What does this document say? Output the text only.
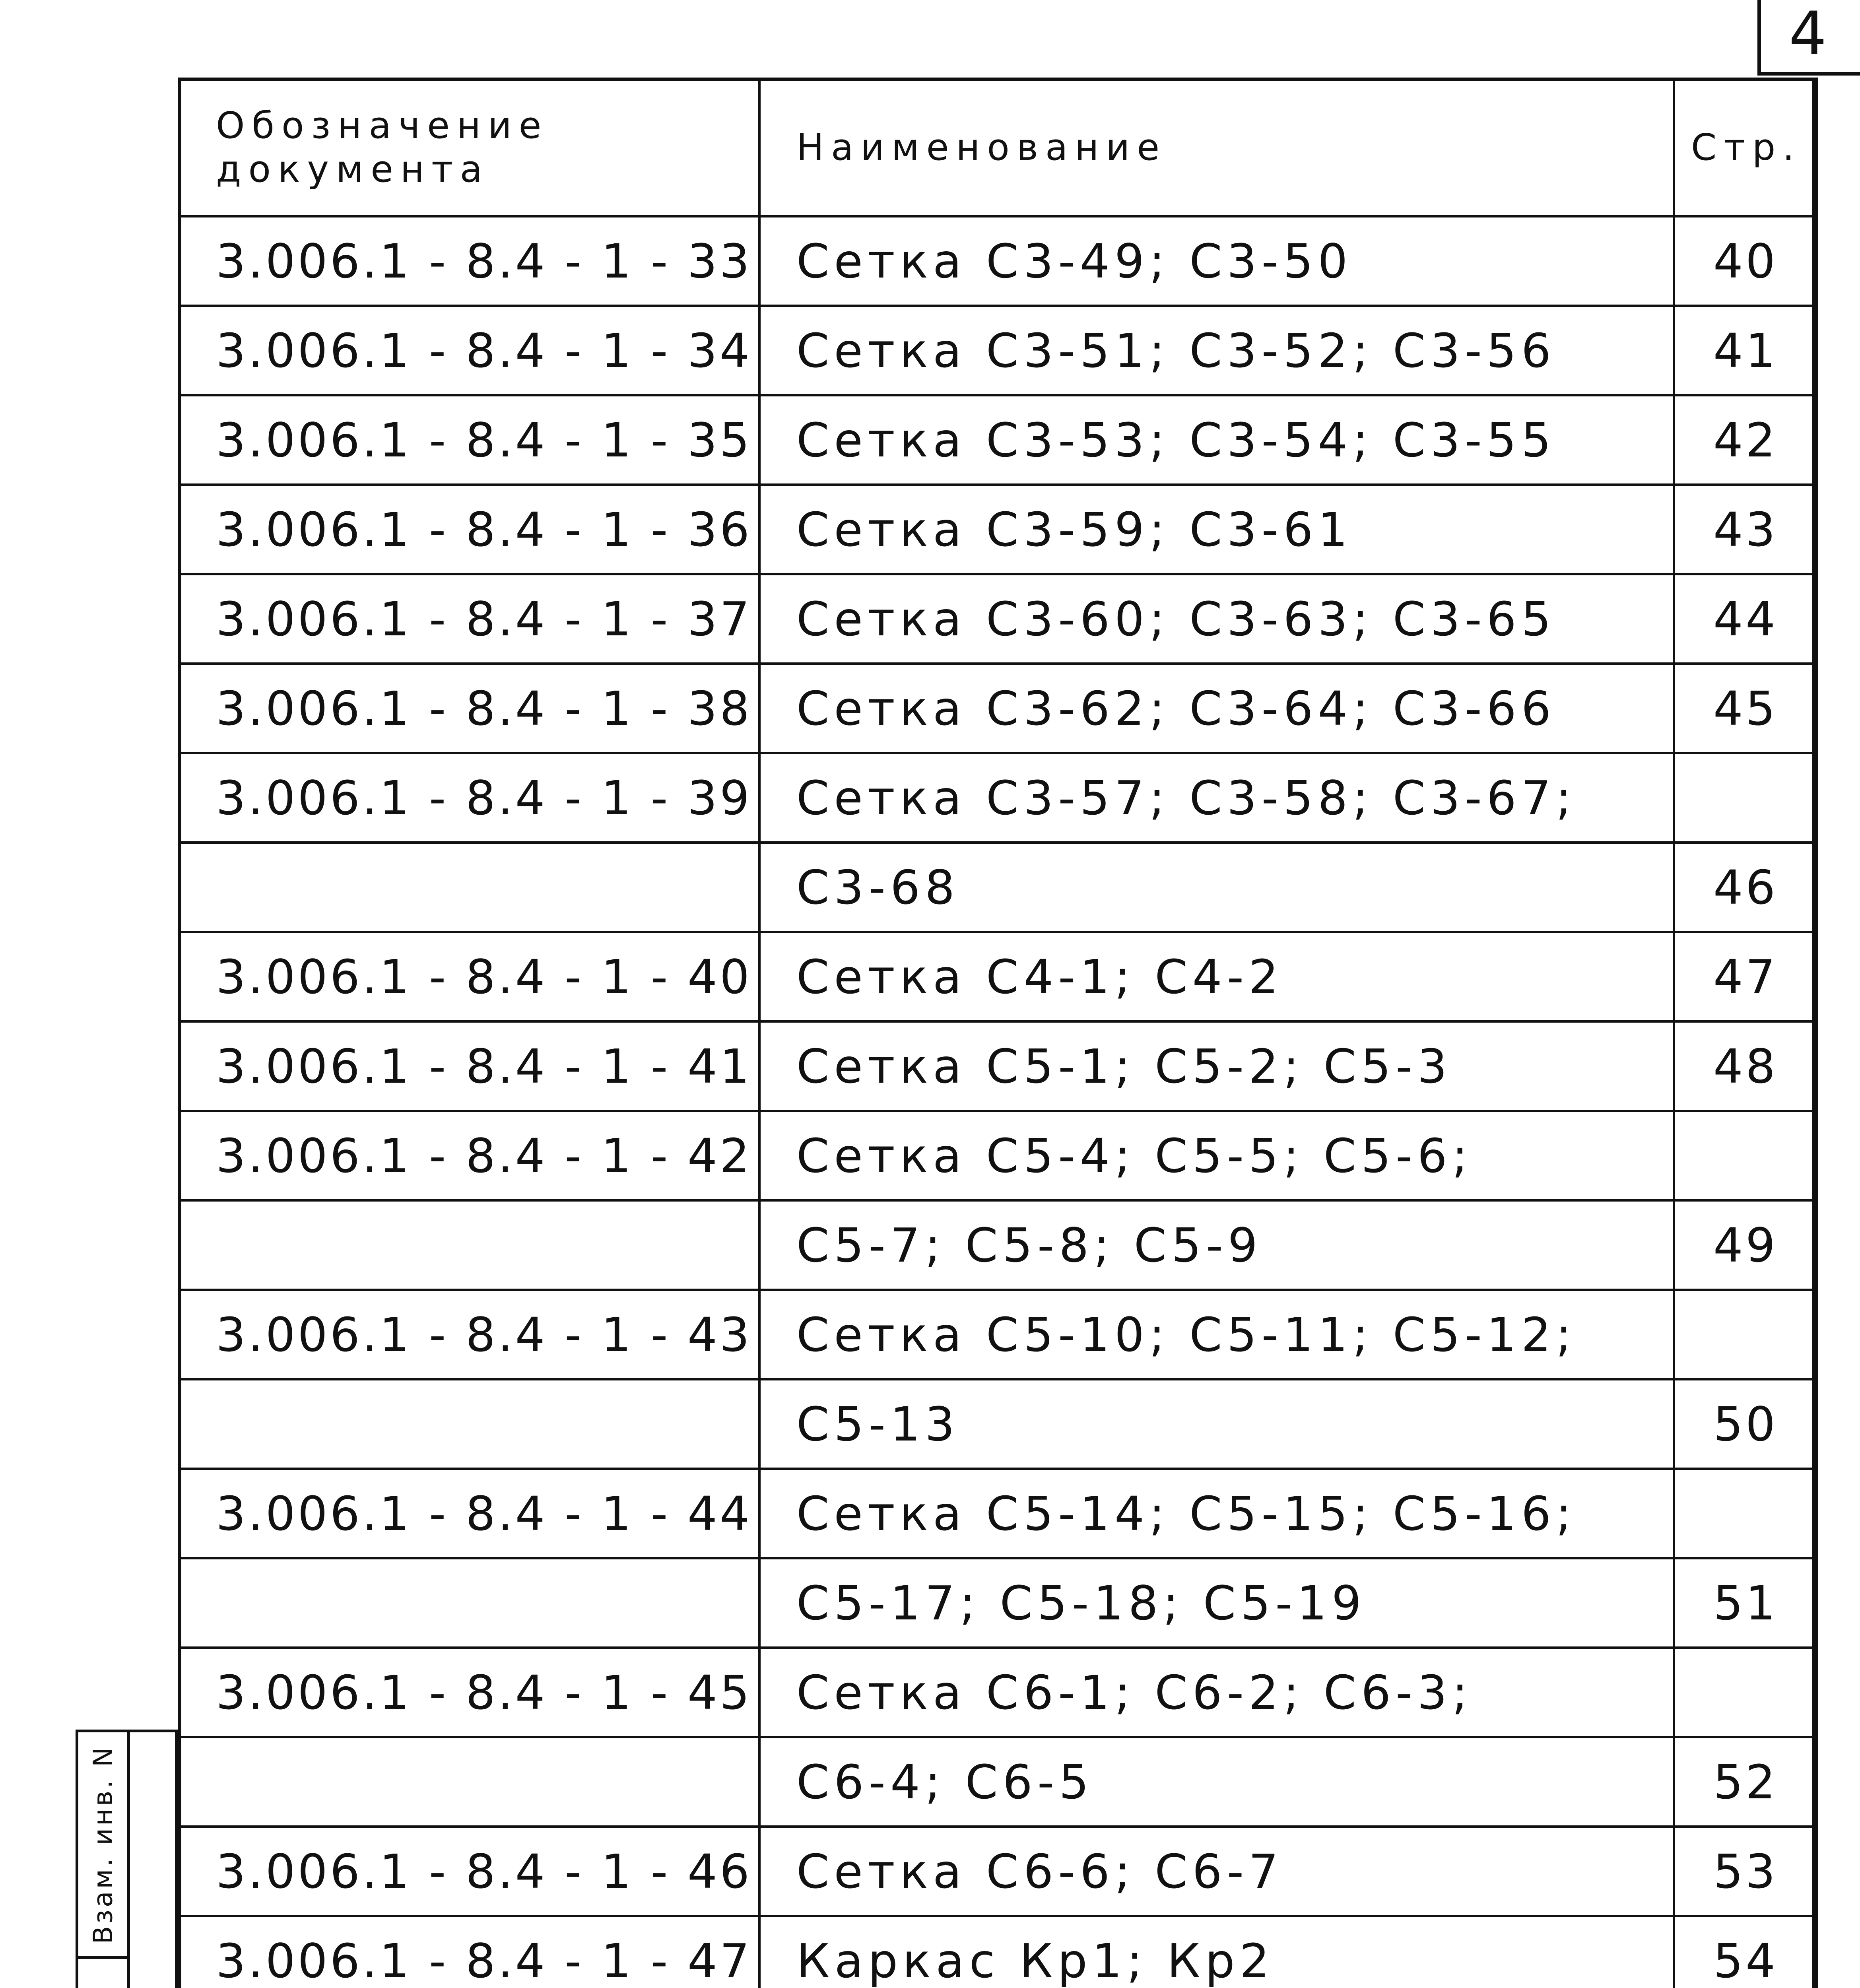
4
Обозначение документа	Наименование	Стр.
3.006.1 - 8.4 - 1 - 33	Сетка С3-49; С3-50	40
3.006.1 - 8.4 - 1 - 34	Сетка С3-51; С3-52; С3-56	41
3.006.1 - 8.4 - 1 - 35	Сетка С3-53; С3-54; С3-55	42
3.006.1 - 8.4 - 1 - 36	Сетка С3-59; С3-61	43
3.006.1 - 8.4 - 1 - 37	Сетка С3-60; С3-63; С3-65	44
3.006.1 - 8.4 - 1 - 38	Сетка С3-62; С3-64; С3-66	45
3.006.1 - 8.4 - 1 - 39	Сетка С3-57; С3-58; С3-67;	
	С3-68	46
3.006.1 - 8.4 - 1 - 40	Сетка С4-1; С4-2	47
3.006.1 - 8.4 - 1 - 41	Сетка С5-1; С5-2; С5-3	48
3.006.1 - 8.4 - 1 - 42	Сетка С5-4; С5-5; С5-6;	
	С5-7; С5-8; С5-9	49
3.006.1 - 8.4 - 1 - 43	Сетка С5-10; С5-11; С5-12;	
	С5-13	50
3.006.1 - 8.4 - 1 - 44	Сетка С5-14; С5-15; С5-16;	
	С5-17; С5-18; С5-19	51
3.006.1 - 8.4 - 1 - 45	Сетка С6-1; С6-2; С6-3;	
	С6-4; С6-5	52
3.006.1 - 8.4 - 1 - 46	Сетка С6-6; С6-7	53
3.006.1 - 8.4 - 1 - 47	Каркас Кр1; Кр2	54

Взам. инв. N
